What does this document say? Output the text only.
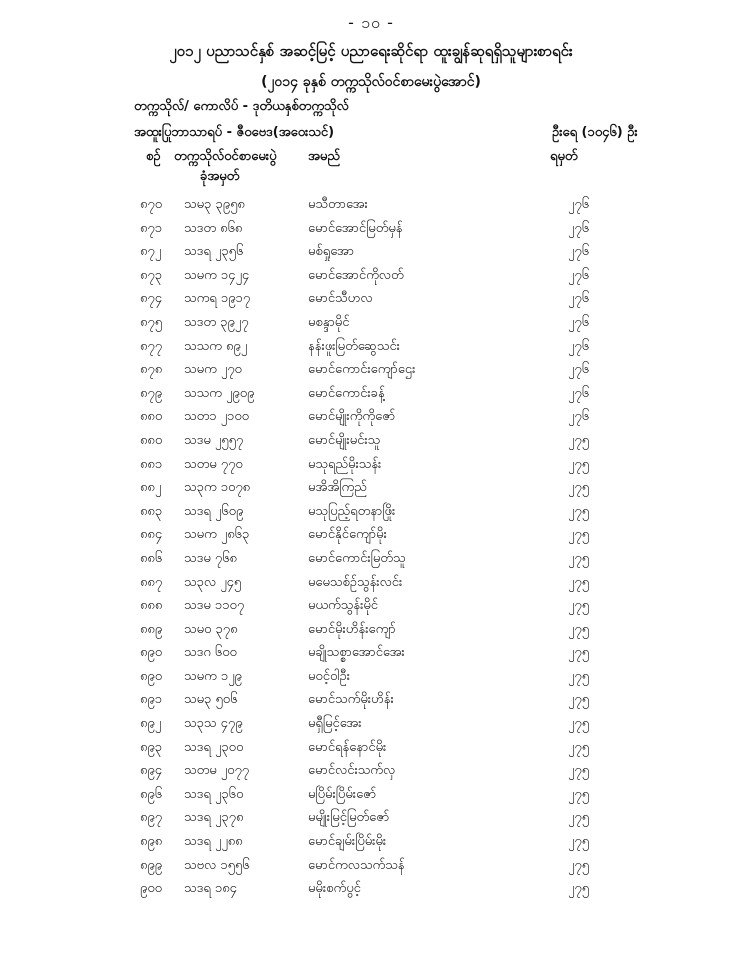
- ၁၀ -
၂၀၁၂ ပညာသင်နှစ် အဆင့်မြင့် ပညာရေးဆိုင်ရာ ထူးချွန်ဆုရရှိသူများစာရင်း
(၂၀၁၄ ခုနှစ် တက္ကသိုလ်ဝင်စာမေးပွဲအောင်)
တက္ကသိုလ်/ ကောလိပ် - ဒုတိယနှစ်တက္ကသိုလ်
အထူးပြုဘာသာရပ် - ဇီဝဗေဒ(အဝေးသင်)	ဦးရေ (၁၀၄၆) ဦး
စဉ် တက္ကသိုလ်ဝင်စာမေးပွဲ အမည်	ရမှတ်
ခုံအမှတ်
၈၇၀ သမ၃ ၃၉၅၈	မသီတာအေး	၂၇၆
၈၇၁ သဒတ ၈၆၈	မောင်အောင်မြတ်မှန်	၂၇၆
၈၇၂ သဒရ ၂၃၅၆	မစ်ရှုအော	၂၇၆
၈၇၃ သမက ၁၄၂၄	မောင်အောင်ကိုလတ်	၂၇၆
၈၇၄ သကရ ၁၉၁၇	မောင်သီဟလ	၂၇၆
၈၇၅ သဒတ ၃၉၂၇	မစန္ဒာမိုင်	၂၇၆
၈၇၇ သသက ၈၉၂	နန်းဖူးမြတ်ဆွေသင်း	၂၇၆
၈၇၈ သမက ၂၇၀	မောင်ကောင်းကျော်ဌေး	၂၇၆
၈၇၉ သသက ၂၉၀၉	မောင်ကောင်းခန့်	၂၇၆
၈၈၀ သတ၁ ၂၁၀၀	မောင်မျိုးကိုကိုဇော်	၂၇၆
၈၈၀ သဒမ ၂၅၅၇	မောင်မျိုးမင်းသူ	၂၇၅
၈၈၁ သတမ ၇၇၀	မသုရည်မိုးသန်း	၂၇၅
၈၈၂ သ၃က ၁၀၇၈	မအိအိကြည်	၂၇၅
၈၈၃ သဒရ ၂၆၀၉	မသုပြည့်ရတနာဖြိုး	၂၇၅
၈၈၄ သမက ၂၈၆၃	မောင်နိုင်ကျော်မိုး	၂၇၅
၈၈၆ သဒမ ၇၆၈	မောင်ကောင်းမြတ်သူ	၂၇၅
၈၈၇ သ၃လ ၂၄၅	မမေသစ်ဉ်သွန်းလင်း	၂၇၅
၈၈၈ သဒမ ၁၁၀၇	မယက်သွန်းမိုင်	၂၇၅
၈၈၉ သမ၀ ၃၇၈	မောင်မိုးဟိန်းကျော်	၂၇၅
၈၉၀ သဒဂ ၆၀၀	မချိုသစ္စာအောင်အေး	၂၇၅
၈၉၀ သမက ၁၂၉	မဝင့်ဝါဦး	၂၇၅
၈၉၁ သမ၃ ၅၀၆	မောင်သက်မိုးဟိန်း	၂၇၅
၈၉၂ သ၃သ ၄၇၉	မရှီမြင့်အေး	၂၇၅
၈၉၃ သဒရ ၂၃၀၀	မောင်ရန်နောင်မိုး	၂၇၅
၈၉၄ သတမ ၂၀၇၇	မောင်လင်းသက်လှ	၂၇၅
၈၉၆ သဒရ ၂၃၆၀	မပြိမ်းပြိမ်းဇော်	၂၇၅
၈၉၇ သဒရ ၂၃၇၈	မမျိုးမြင့်မြတ်ဇော်	၂၇၅
၈၉၈ သဒရ ၂၂၈၈	မောင်ချမ်းပြိမ်းမိုး	၂၇၅
၈၉၉ သဗလ ၁၅၅၆	မောင်ကလသက်သန်	၂၇၅
၉၀၀ သဒရ ၁၈၄	မမိုးစက်ပွင့်	၂၇၅
